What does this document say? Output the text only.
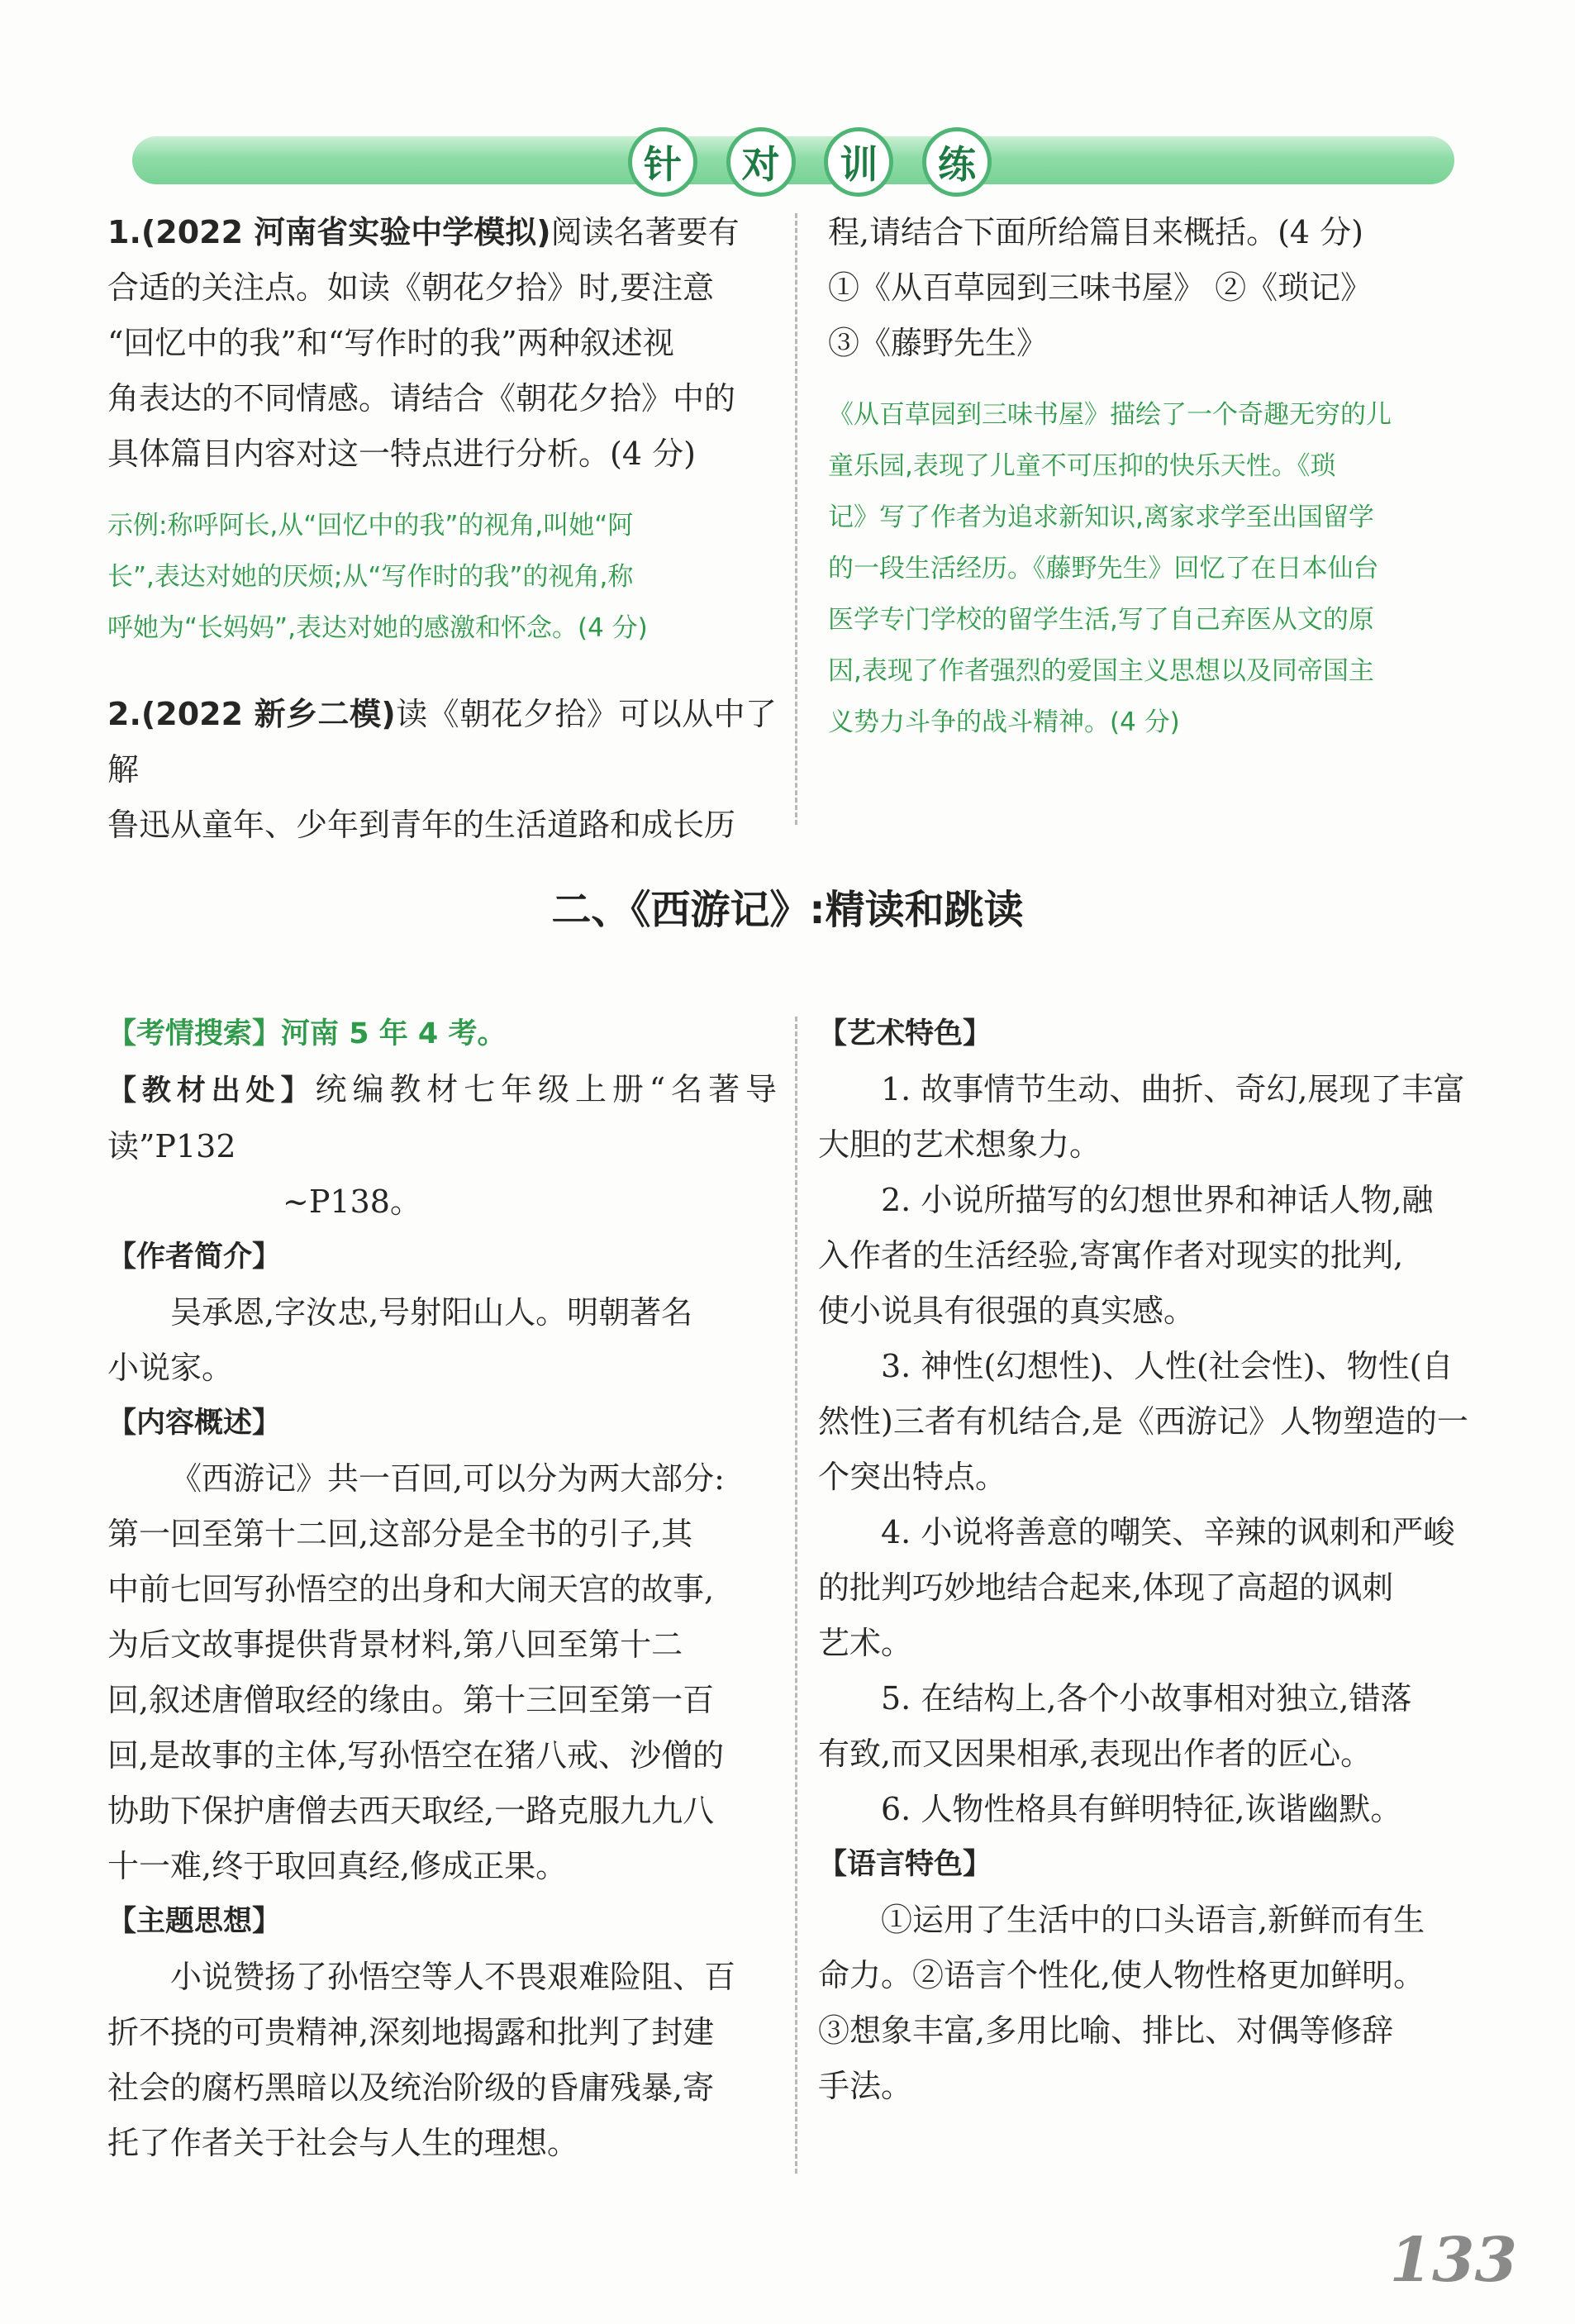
针	对	训	练

1.(2022 河南省实验中学模拟)阅读名著要有

合适的关注点。如读《朝花夕拾》时,要注意

“回忆中的我”和“写作时的我”两种叙述视

角表达的不同情感。请结合《朝花夕拾》中的

具体篇目内容对这一特点进行分析。(4 分)

示例:称呼阿长,从“回忆中的我”的视角,叫她“阿

长”,表达对她的厌烦;从“写作时的我”的视角,称

呼她为“长妈妈”,表达对她的感激和怀念。(4 分)

2.(2022 新乡二模)读《朝花夕拾》可以从中了解

鲁迅从童年、少年到青年的生活道路和成长历

程,请结合下面所给篇目来概括。(4 分)

①《从百草园到三味书屋》 ②《琐记》

③《藤野先生》

《从百草园到三味书屋》描绘了一个奇趣无穷的儿

童乐园,表现了儿童不可压抑的快乐天性。《琐

记》写了作者为追求新知识,离家求学至出国留学

的一段生活经历。《藤野先生》回忆了在日本仙台

医学专门学校的留学生活,写了自己弃医从文的原

因,表现了作者强烈的爱国主义思想以及同帝国主

义势力斗争的战斗精神。(4 分)

二、《西游记》:精读和跳读

【考情搜索】河南 5 年 4 考。

【教材出处】统编教材七年级上册“名著导读”P132

~P138。

【作者简介】

吴承恩,字汝忠,号射阳山人。明朝著名

小说家。

【内容概述】

《西游记》共一百回,可以分为两大部分:

第一回至第十二回,这部分是全书的引子,其

中前七回写孙悟空的出身和大闹天宫的故事,

为后文故事提供背景材料,第八回至第十二

回,叙述唐僧取经的缘由。第十三回至第一百

回,是故事的主体,写孙悟空在猪八戒、沙僧的

协助下保护唐僧去西天取经,一路克服九九八

十一难,终于取回真经,修成正果。

【主题思想】

小说赞扬了孙悟空等人不畏艰难险阻、百

折不挠的可贵精神,深刻地揭露和批判了封建

社会的腐朽黑暗以及统治阶级的昏庸残暴,寄

托了作者关于社会与人生的理想。

【艺术特色】

1. 故事情节生动、曲折、奇幻,展现了丰富

大胆的艺术想象力。

2. 小说所描写的幻想世界和神话人物,融

入作者的生活经验,寄寓作者对现实的批判,

使小说具有很强的真实感。

3. 神性(幻想性)、人性(社会性)、物性(自

然性)三者有机结合,是《西游记》人物塑造的一

个突出特点。

4. 小说将善意的嘲笑、辛辣的讽刺和严峻

的批判巧妙地结合起来,体现了高超的讽刺

艺术。

5. 在结构上,各个小故事相对独立,错落

有致,而又因果相承,表现出作者的匠心。

6. 人物性格具有鲜明特征,诙谐幽默。

【语言特色】

①运用了生活中的口头语言,新鲜而有生

命力。②语言个性化,使人物性格更加鲜明。

③想象丰富,多用比喻、排比、对偶等修辞

手法。

133
